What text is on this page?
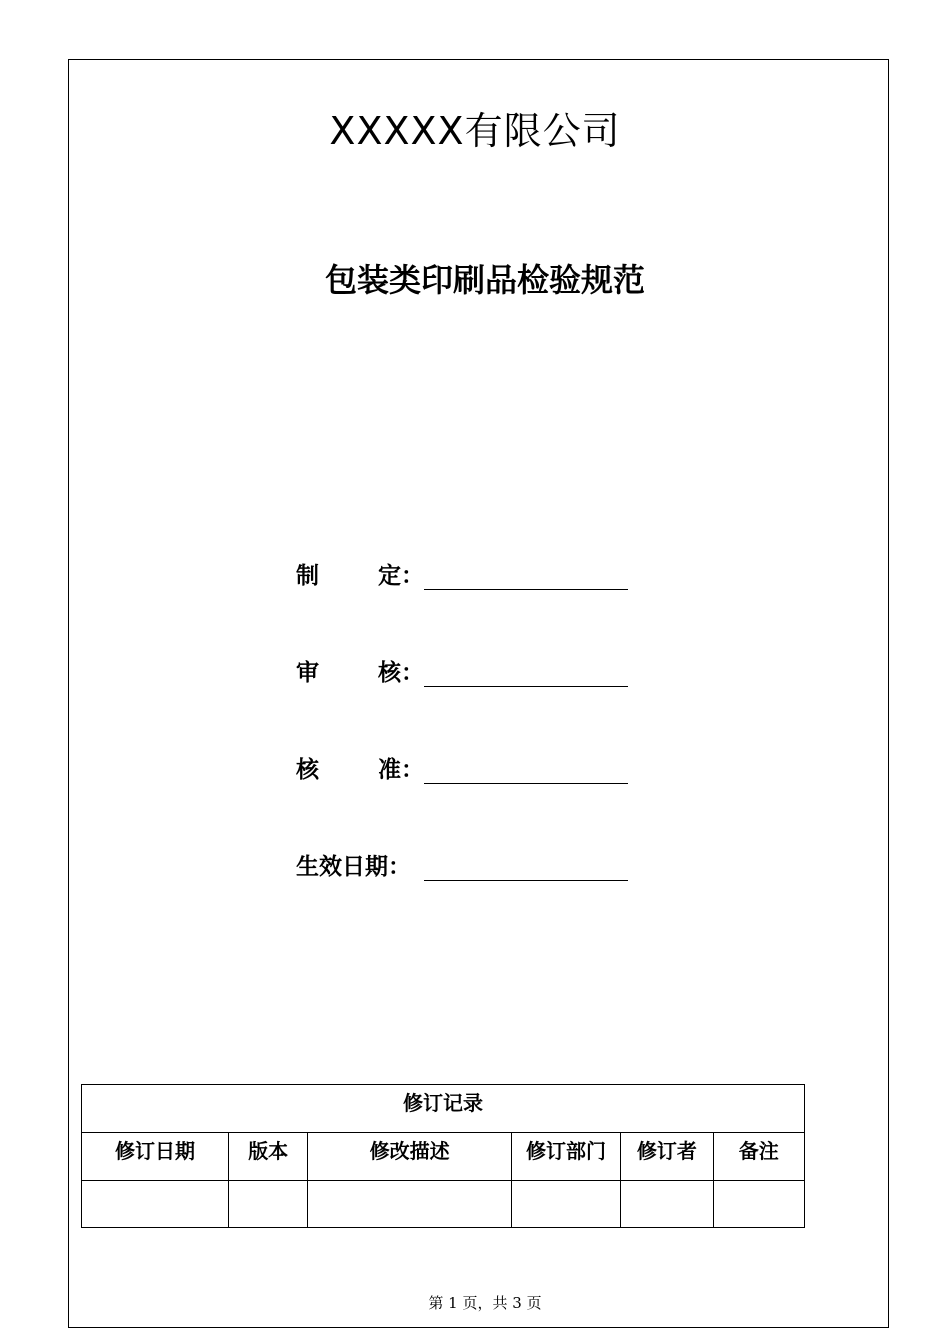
XXXXX有限公司
包装类印刷品检验规范
制	定：
审	核：
核	准：
生效日期：
修订记录					
修订日期	版本	修改描述	修订部门	修订者	备注

第 1 页，共 3 页
